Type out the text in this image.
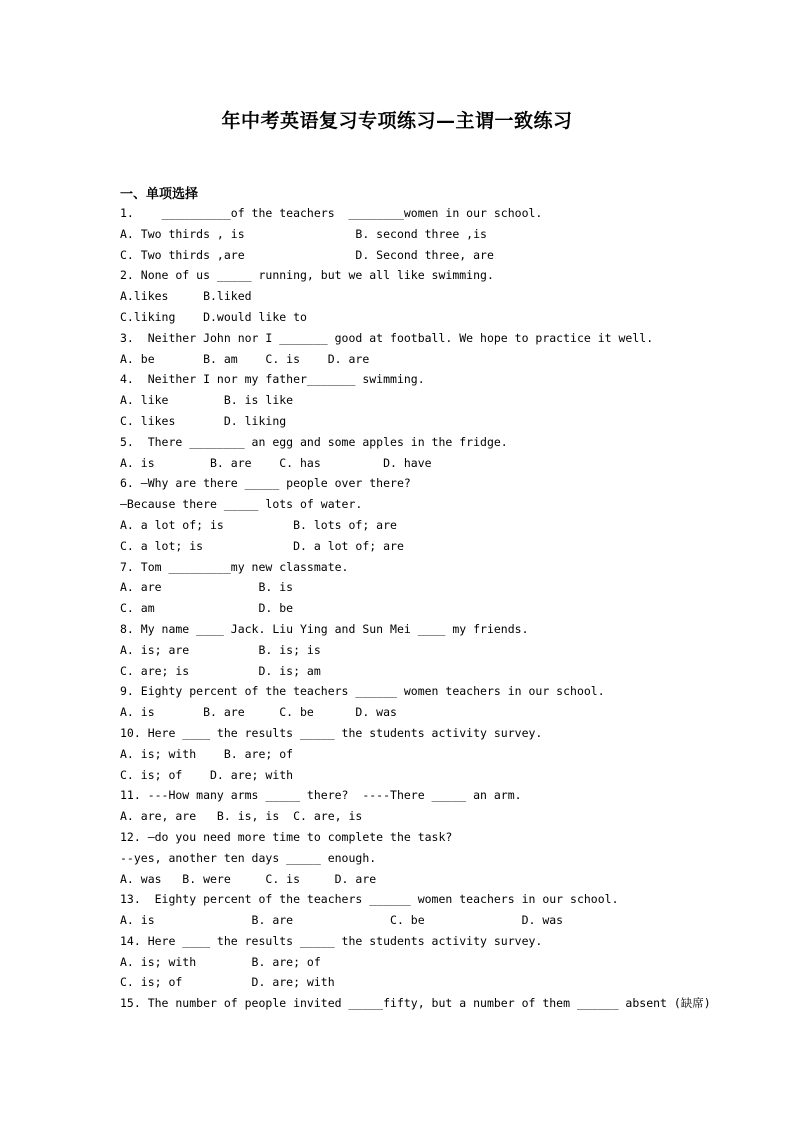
年中考英语复习专项练习—主谓一致练习
一、单项选择
1.    __________of the teachers  ________women in our school.
A. Two thirds , is                B. second three ,is
C. Two thirds ,are                D. Second three, are
2. None of us _____ running, but we all like swimming.
A.likes     B.liked
C.liking    D.would like to
3.  Neither John nor I _______ good at football. We hope to practice it well.
A. be       B. am    C. is    D. are
4.  Neither I nor my father_______ swimming.
A. like        B. is like
C. likes       D. liking
5.  There ________ an egg and some apples in the fridge.
A. is        B. are    C. has         D. have
6. —Why are there _____ people over there?
—Because there _____ lots of water.
A. a lot of; is          B. lots of; are
C. a lot; is             D. a lot of; are
7. Tom _________my new classmate.
A. are              B. is
C. am               D. be
8. My name ____ Jack. Liu Ying and Sun Mei ____ my friends.
A. is; are          B. is; is
C. are; is          D. is; am
9. Eighty percent of the teachers ______ women teachers in our school.
A. is       B. are     C. be      D. was
10. Here ____ the results _____ the students activity survey.
A. is; with    B. are; of
C. is; of    D. are; with
11. ---How many arms _____ there?  ----There _____ an arm.
A. are, are   B. is, is  C. are, is
12. —do you need more time to complete the task?
--yes, another ten days _____ enough.
A. was   B. were     C. is     D. are
13.  Eighty percent of the teachers ______ women teachers in our school.
A. is              B. are              C. be              D. was
14. Here ____ the results _____ the students activity survey.
A. is; with        B. are; of
C. is; of          D. are; with
15. The number of people invited _____fifty, but a number of them ______ absent (缺席)
